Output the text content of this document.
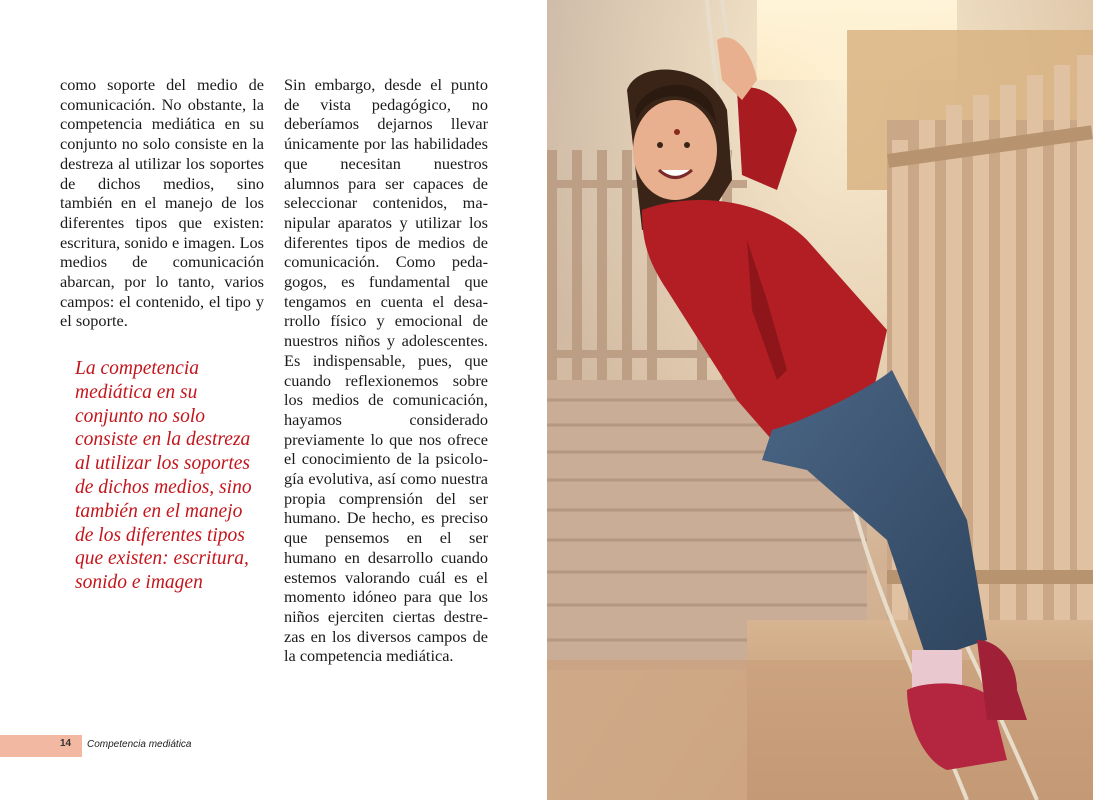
como soporte del medio de comunicación. No obstante, la competencia mediática en su conjunto no solo consiste en la destreza al utilizar los soportes de dichos medios, sino también en el manejo de los diferentes tipos que existen: escritura, sonido e imagen. Los medios de comunicación abarcan, por lo tanto, varios campos: el contenido, el tipo y el soporte.

La competencia mediática en su conjunto no solo consiste en la destreza al utilizar los soportes de dichos medios, sino también en el manejo de los diferentes tipos que existen: escritura, sonido e imagen

Sin embargo, desde el punto de vista pedagógico, no deberíamos dejarnos llevar únicamente por las habilidades que necesitan nuestros alumnos para ser capaces de seleccionar contenidos, manipular aparatos y utilizar los diferentes tipos de medios de comunicación. Como pedagogos, es fundamental que tengamos en cuenta el desarrollo físico y emocional de nuestros niños y adolescentes. Es indispensable, pues, que cuando reflexionemos sobre los medios de comunicación, hayamos considerado previamente lo que nos ofrece el conocimiento de la psicología evolutiva, así como nuestra propia comprensión del ser humano. De hecho, es preciso que pensemos en el ser humano en desarrollo cuando estemos valorando cuál es el momento idóneo para que los niños ejerciten ciertas destrezas en los diversos campos de la competencia mediática.

14 Competencia mediática
